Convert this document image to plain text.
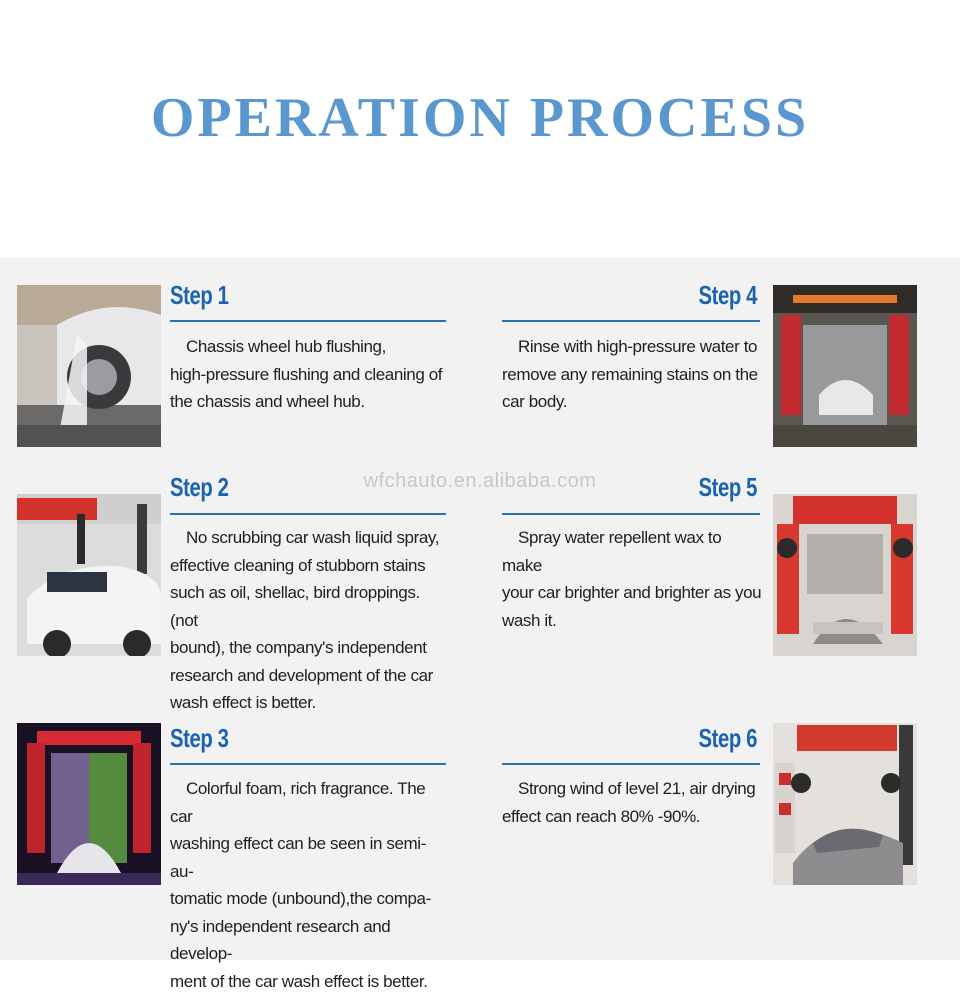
OPERATION PROCESS
wfchauto.en.alibaba.com
Step 1
Chassis wheel hub flushing,
high-pressure flushing and cleaning of
the chassis and wheel hub.
Step 2
No scrubbing car wash liquid spray,
effective cleaning of stubborn stains
such as oil, shellac, bird droppings. (not
bound), the company's independent
research and development of the car
wash effect is better.
Step 3
Colorful foam, rich fragrance. The car
washing effect can be seen in semi-au-
tomatic mode (unbound),the compa-
ny's independent research and develop-
ment of the car wash effect is better.
Step 4
Rinse with high-pressure water to
remove any remaining stains on the
car body.
Step 5
Spray water repellent wax to make
your car brighter and brighter as you
wash it.
Step 6
Strong wind of level 21, air drying
effect can reach 80% -90%.
